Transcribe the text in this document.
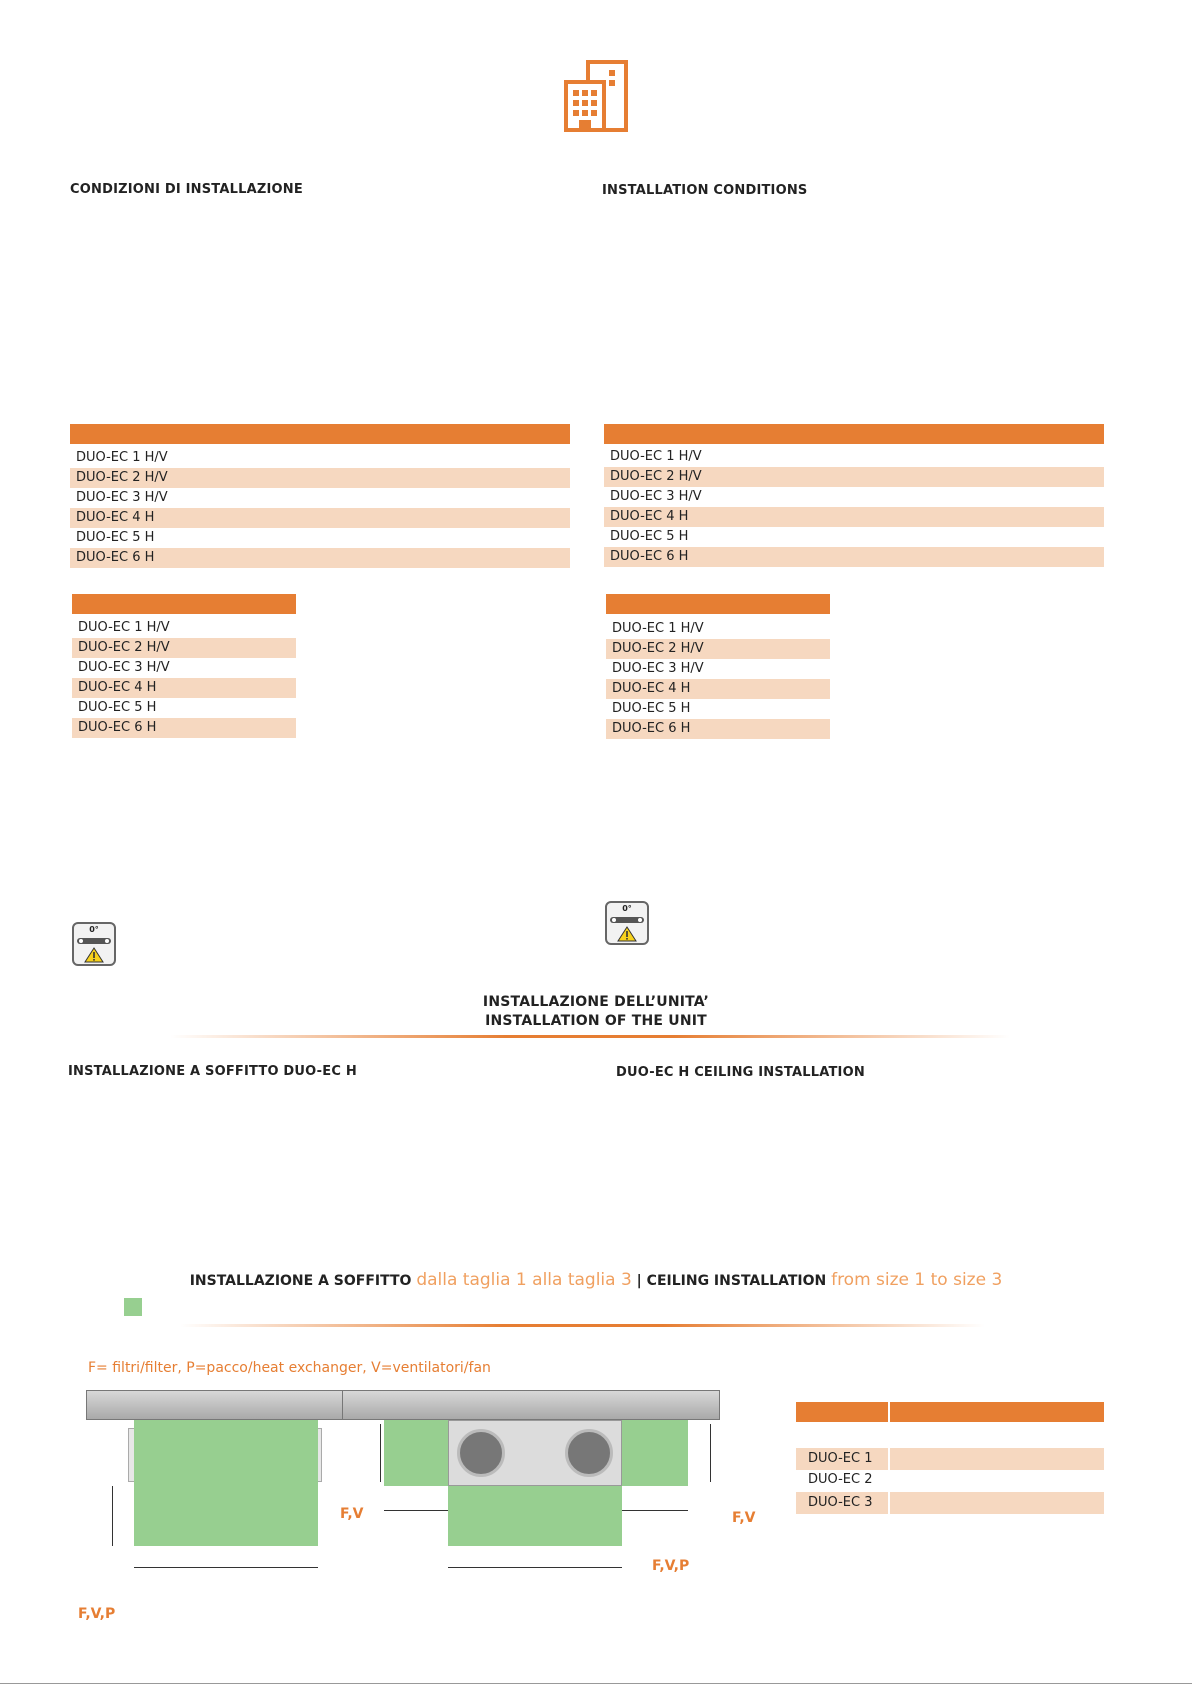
CONDIZIONI DI INSTALLAZIONE	INSTALLATION CONDITIONS
DUO-EC 1 H/V
DUO-EC 2 H/V
DUO-EC 3 H/V
DUO-EC 4 H
DUO-EC 5 H
DUO-EC 6 H
DUO-EC 1 H/V
DUO-EC 2 H/V
DUO-EC 3 H/V
DUO-EC 4 H
DUO-EC 5 H
DUO-EC 6 H
DUO-EC 1 H/V
DUO-EC 2 H/V
DUO-EC 3 H/V
DUO-EC 4 H
DUO-EC 5 H
DUO-EC 6 H
DUO-EC 1 H/V
DUO-EC 2 H/V
DUO-EC 3 H/V
DUO-EC 4 H
DUO-EC 5 H
DUO-EC 6 H
0°
0°
INSTALLAZIONE DELL’UNITA’
INSTALLATION OF THE UNIT
INSTALLAZIONE A SOFFITTO DUO-EC H	DUO-EC H CEILING INSTALLATION
INSTALLAZIONE A SOFFITTO dalla taglia 1 alla taglia 3 | CEILING INSTALLATION from size 1 to size 3
F= filtri/filter, P=pacco/heat exchanger, V=ventilatori/fan
F,V,P
F,V
F,V,P
F,V
DUO-EC 1
DUO-EC 2
DUO-EC 3
